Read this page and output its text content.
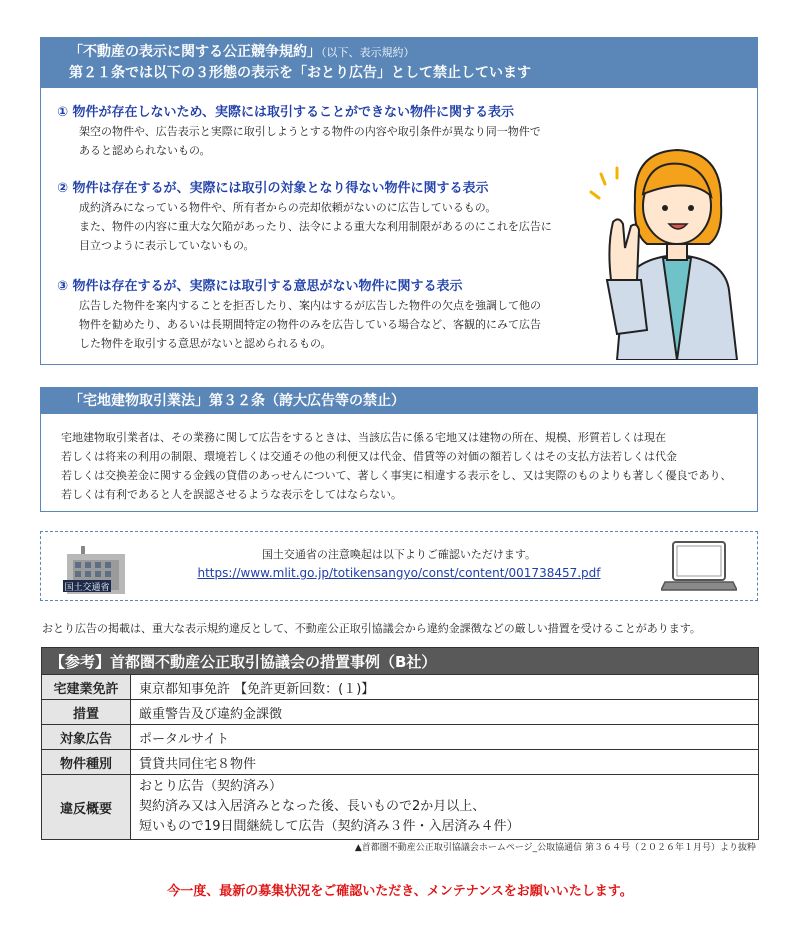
「不動産の表示に関する公正競争規約」（以下、表示規約）
第２１条では以下の３形態の表示を「おとり広告」として禁止しています
① 物件が存在しないため、実際には取引することができない物件に関する表示
架空の物件や、広告表示と実際に取引しようとする物件の内容や取引条件が異なり同一物件で
あると認められないもの。
② 物件は存在するが、実際には取引の対象となり得ない物件に関する表示
成約済みになっている物件や、所有者からの売却依頼がないのに広告しているもの。
また、物件の内容に重大な欠陥があったり、法令による重大な利用制限があるのにこれを広告に
目立つように表示していないもの。
③ 物件は存在するが、実際には取引する意思がない物件に関する表示
広告した物件を案内することを拒否したり、案内はするが広告した物件の欠点を強調して他の
物件を勧めたり、あるいは長期間特定の物件のみを広告している場合など、客観的にみて広告
した物件を取引する意思がないと認められるもの。
「宅地建物取引業法」第３２条（誇大広告等の禁止）
宅地建物取引業者は、その業務に関して広告をするときは、当該広告に係る宅地又は建物の所在、規模、形質若しくは現在
若しくは将来の利用の制限、環境若しくは交通その他の利便又は代金、借賃等の対価の額若しくはその支払方法若しくは代金
若しくは交換差金に関する金銭の貸借のあっせんについて、著しく事実に相違する表示をし、又は実際のものよりも著しく優良であり、
若しくは有利であると人を誤認させるような表示をしてはならない。
国土交通省
国土交通省の注意喚起は以下よりご確認いただけます。
https://www.mlit.go.jp/totikensangyo/const/content/001738457.pdf
おとり広告の掲載は、重大な表示規約違反として、不動産公正取引協議会から違約金課徴などの厳しい措置を受けることがあります。
【参考】首都圏不動産公正取引協議会の措置事例（B社）	
宅建業免許	東京都知事免許 【免許更新回数：(１)】
措置	厳重警告及び違約金課徴
対象広告	ポータルサイト
物件種別	賃貸共同住宅８物件
違反概要	おとり広告（契約済み）
契約済み又は入居済みとなった後、長いもので2か月以上、
短いもので19日間継続して広告（契約済み３件・入居済み４件）
▲首都圏不動産公正取引協議会ホームページ_公取協通信 第３６４号（２０２６年１月号）より抜粋
今一度、最新の募集状況をご確認いただき、メンテナンスをお願いいたします。
